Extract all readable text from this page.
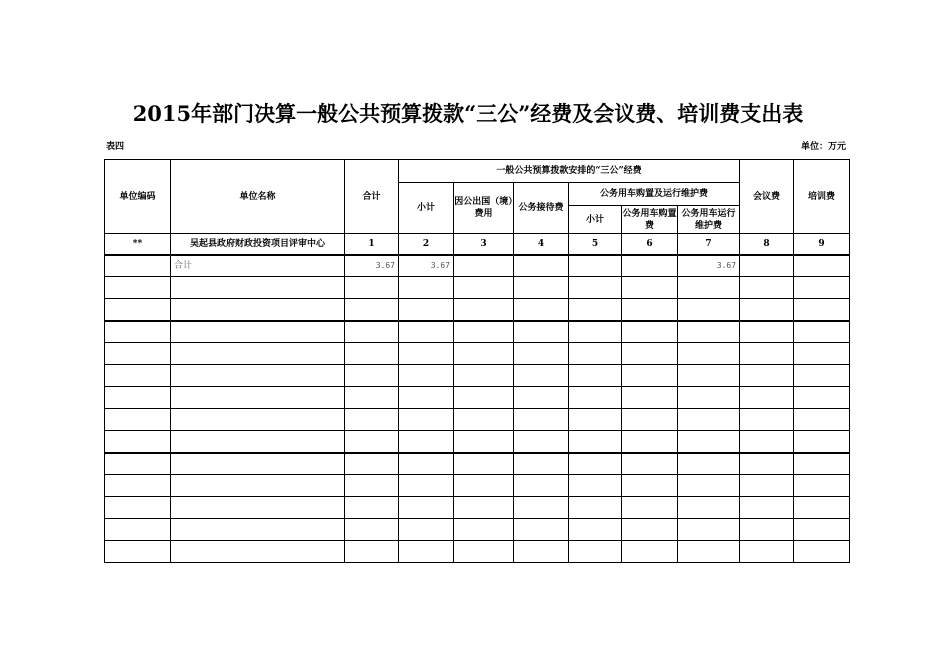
2015年部门决算一般公共预算拨款“三公”经费及会议费、培训费支出表
表四	单位：万元
单位编码	单位名称	合计	一般公共预算拨款安排的“三公”经费						会议费	培训费
			小计	因公出国（境）费用	公务接待费	公务用车购置及运行维护费				
						小计	公务用车购置费	公务用车运行维护费		
**	吴起县政府财政投资项目评审中心	1	2	3	4	5	6	7	8	9
	合计	3.67	3.67					3.67		
